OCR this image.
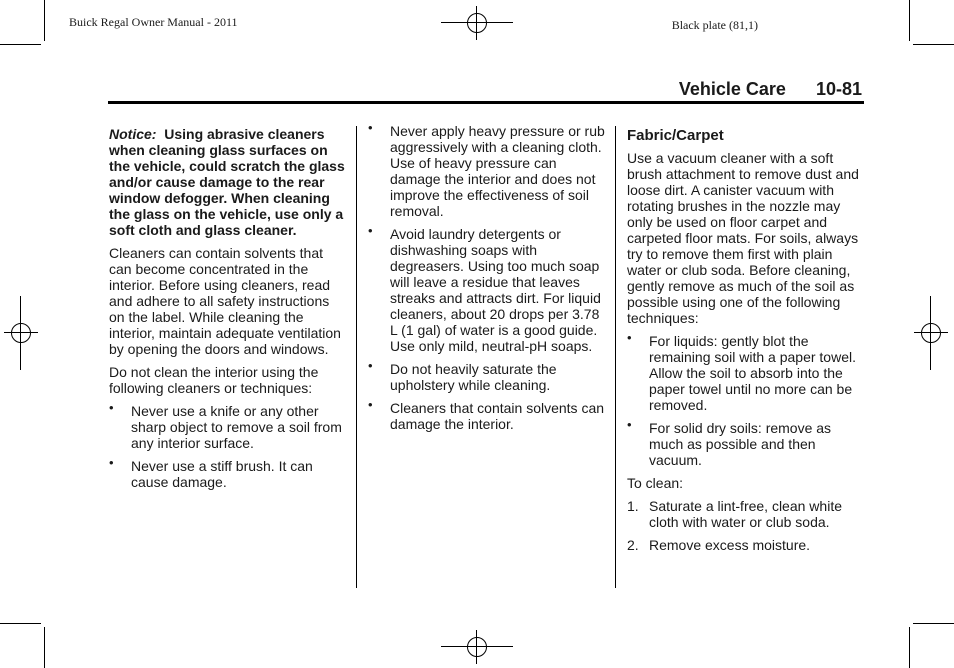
Buick Regal Owner Manual - 2011	Black plate (81,1)
Vehicle Care 10-81
Notice: Using abrasive cleaners when cleaning glass surfaces on the vehicle, could scratch the glass and/or cause damage to the rear window defogger. When cleaning the glass on the vehicle, use only a soft cloth and glass cleaner.

Cleaners can contain solvents that can become concentrated in the interior. Before using cleaners, read and adhere to all safety instructions on the label. While cleaning the interior, maintain adequate ventilation by opening the doors and windows.

Do not clean the interior using the following cleaners or techniques:

• Never use a knife or any other sharp object to remove a soil from any interior surface.
• Never use a stiff brush. It can cause damage.
• Never apply heavy pressure or rub aggressively with a cleaning cloth. Use of heavy pressure can damage the interior and does not improve the effectiveness of soil removal.
• Avoid laundry detergents or dishwashing soaps with degreasers. Using too much soap will leave a residue that leaves streaks and attracts dirt. For liquid cleaners, about 20 drops per 3.78 L (1 gal) of water is a good guide. Use only mild, neutral-pH soaps.
• Do not heavily saturate the upholstery while cleaning.
• Cleaners that contain solvents can damage the interior.
Fabric/Carpet

Use a vacuum cleaner with a soft brush attachment to remove dust and loose dirt. A canister vacuum with rotating brushes in the nozzle may only be used on floor carpet and carpeted floor mats. For soils, always try to remove them first with plain water or club soda. Before cleaning, gently remove as much of the soil as possible using one of the following techniques:

• For liquids: gently blot the remaining soil with a paper towel. Allow the soil to absorb into the paper towel until no more can be removed.
• For solid dry soils: remove as much as possible and then vacuum.

To clean:

1. Saturate a lint-free, clean white cloth with water or club soda.
2. Remove excess moisture.
